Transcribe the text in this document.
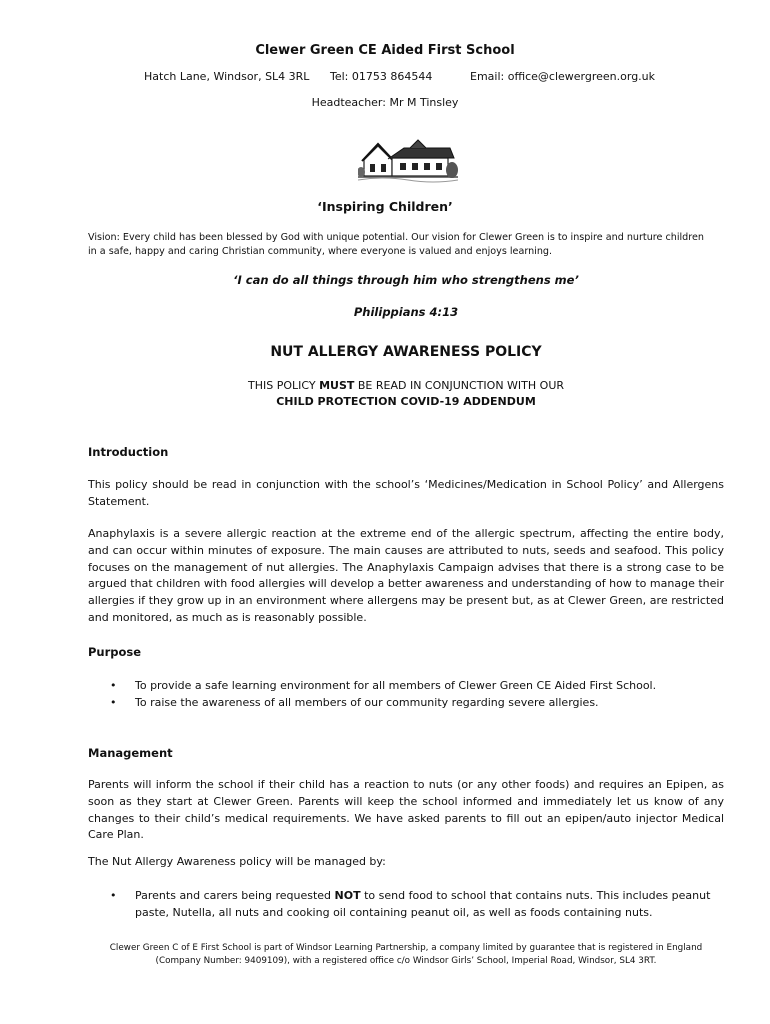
Clewer Green CE Aided First School
Hatch Lane, Windsor, SL4 3RL Tel: 01753 864544	Email: office@clewergreen.org.uk
Headteacher: Mr M Tinsley
‘Inspiring Children’
Vision: Every child has been blessed by God with unique potential. Our vision for Clewer Green is to inspire and nurture children in a safe, happy and caring Christian community, where everyone is valued and enjoys learning.
‘I can do all things through him who strengthens me’
Philippians 4:13
NUT ALLERGY AWARENESS POLICY
THIS POLICY MUST BE READ IN CONJUNCTION WITH OUR
CHILD PROTECTION COVID-19 ADDENDUM
Introduction
This policy should be read in conjunction with the school’s ‘Medicines/Medication in School Policy’ and Allergens Statement.
Anaphylaxis is a severe allergic reaction at the extreme end of the allergic spectrum, affecting the entire body, and can occur within minutes of exposure. The main causes are attributed to nuts, seeds and seafood. This policy focuses on the management of nut allergies. The Anaphylaxis Campaign advises that there is a strong case to be argued that children with food allergies will develop a better awareness and understanding of how to manage their allergies if they grow up in an environment where allergens may be present but, as at Clewer Green, are restricted and monitored, as much as is reasonably possible.
Purpose
• To provide a safe learning environment for all members of Clewer Green CE Aided First School.
• To raise the awareness of all members of our community regarding severe allergies.
Management
Parents will inform the school if their child has a reaction to nuts (or any other foods) and requires an Epipen, as soon as they start at Clewer Green. Parents will keep the school informed and immediately let us know of any changes to their child’s medical requirements. We have asked parents to fill out an epipen/auto injector Medical Care Plan.
The Nut Allergy Awareness policy will be managed by:
• Parents and carers being requested NOT to send food to school that contains nuts. This includes peanut paste, Nutella, all nuts and cooking oil containing peanut oil, as well as foods containing nuts.
Clewer Green C of E First School is part of Windsor Learning Partnership, a company limited by guarantee that is registered in England
(Company Number: 9409109), with a registered office c/o Windsor Girls’ School, Imperial Road, Windsor, SL4 3RT.
